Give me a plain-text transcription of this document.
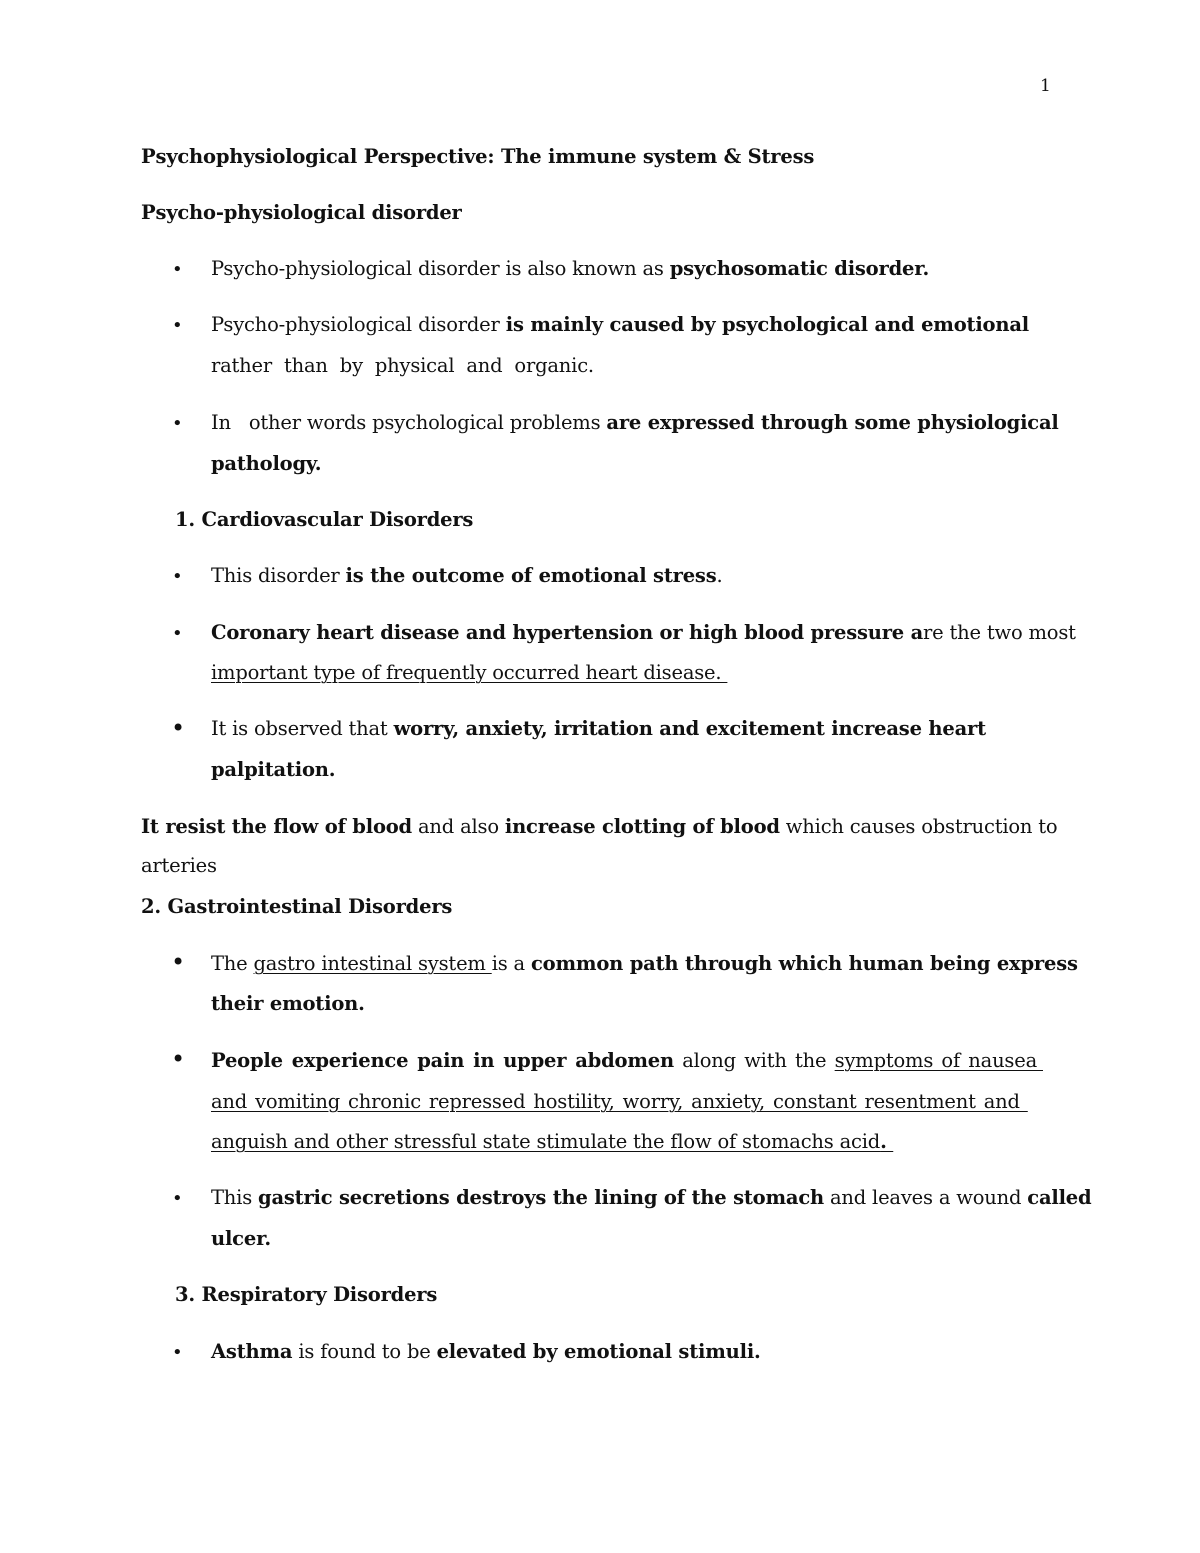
1
Psychophysiological Perspective: The immune system & Stress
Psycho-physiological disorder
• Psycho-physiological disorder is also known as psychosomatic disorder.
• Psycho-physiological disorder is mainly caused by psychological and emotional
rather than by physical and organic.
• In   other words psychological problems are expressed through some physiological
pathology.
1. Cardiovascular Disorders
• This disorder is the outcome of emotional stress.
• Coronary heart disease and hypertension or high blood pressure are the two most
important type of frequently occurred heart disease.
• It is observed that worry, anxiety, irritation and excitement increase heart
palpitation.
It resist the flow of blood and also increase clotting of blood which causes obstruction to
arteries
2. Gastrointestinal Disorders
• The gastro intestinal system is a common path through which human being express
their emotion.
• People experience pain in upper abdomen along with the symptoms of nausea
and vomiting chronic repressed hostility, worry, anxiety, constant resentment and
anguish and other stressful state stimulate the flow of stomachs acid.
• This gastric secretions destroys the lining of the stomach and leaves a wound called
ulcer.
3. Respiratory Disorders
• Asthma is found to be elevated by emotional stimuli.
